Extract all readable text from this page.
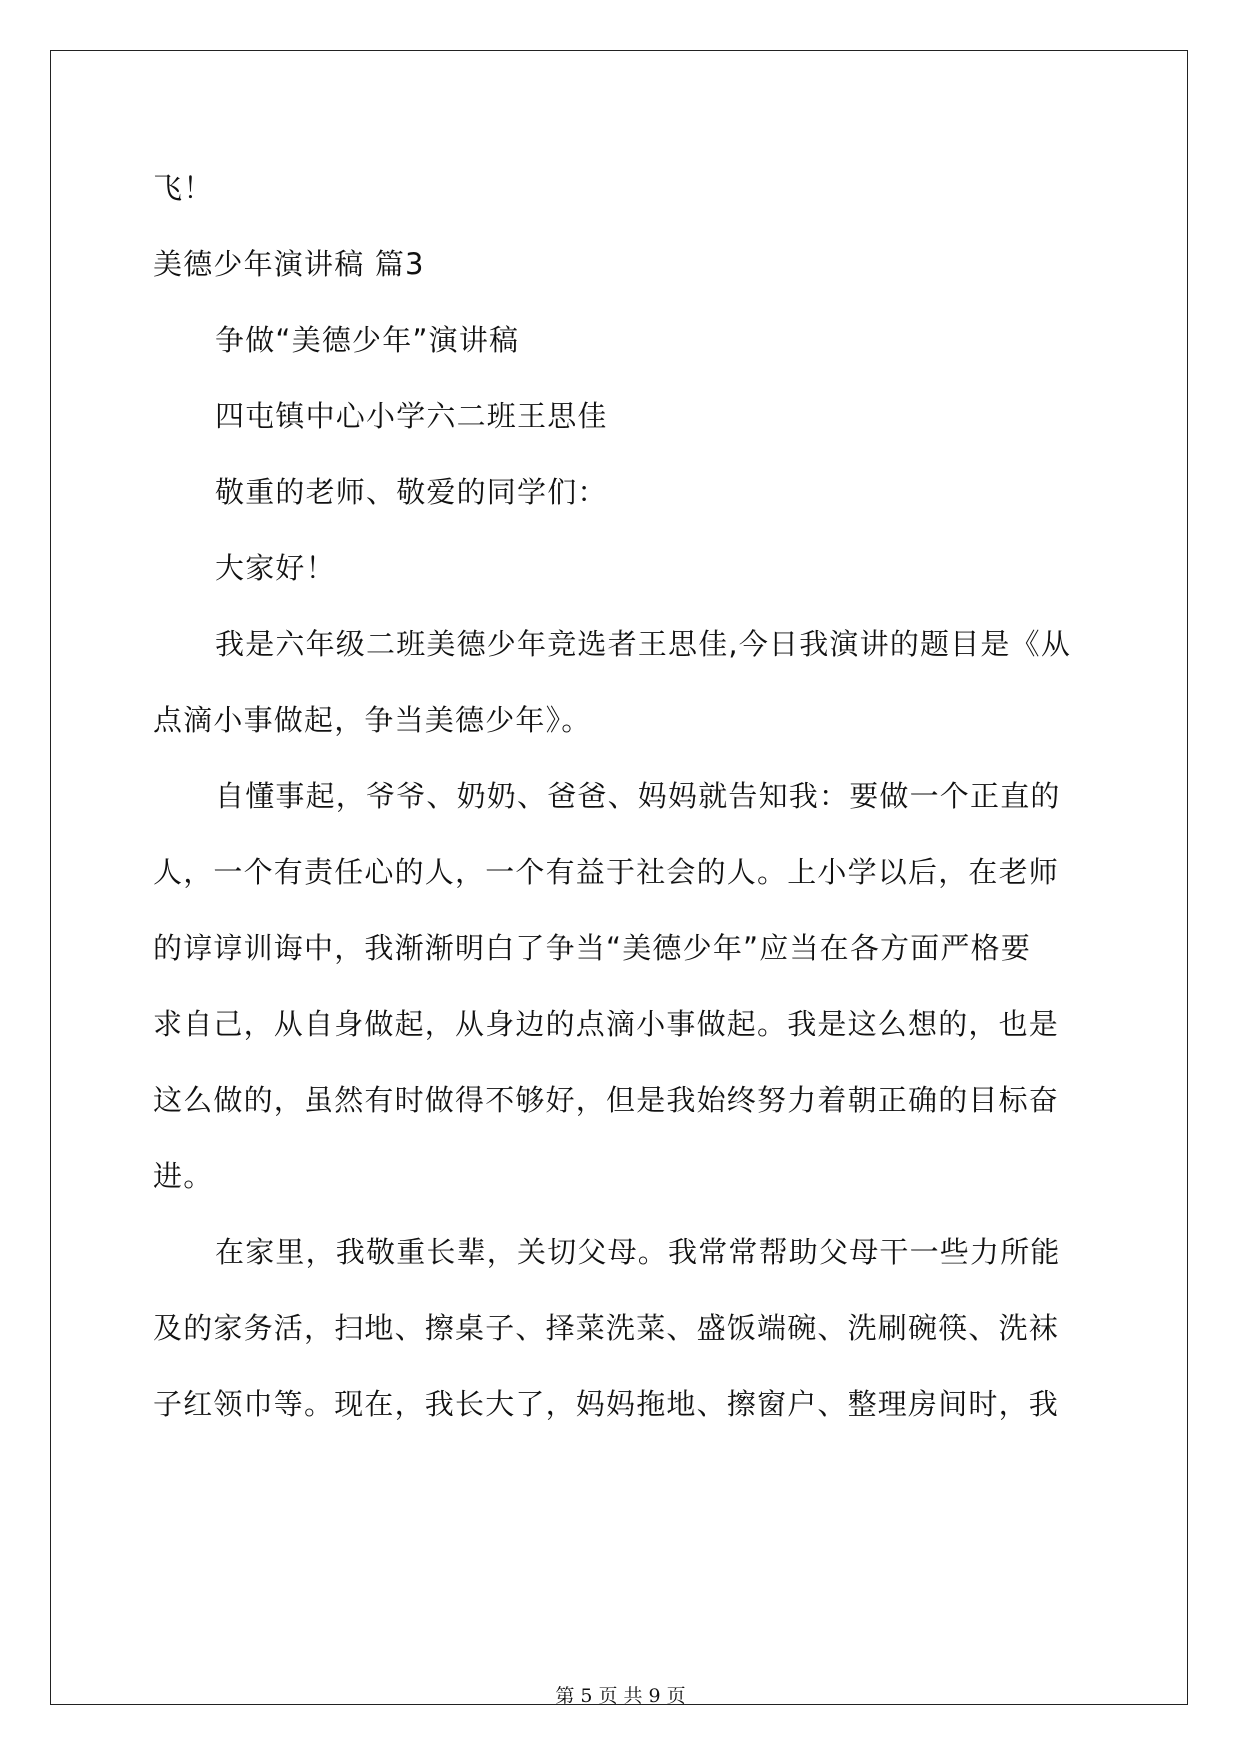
飞！
美德少年演讲稿 篇3
争做“美德少年”演讲稿
四屯镇中心小学六二班王思佳
敬重的老师、敬爱的同学们：
大家好！
我是六年级二班美德少年竞选者王思佳,今日我演讲的题目是《从
点滴小事做起，争当美德少年》。
自懂事起，爷爷、奶奶、爸爸、妈妈就告知我：要做一个正直的
人，一个有责任心的人，一个有益于社会的人。上小学以后，在老师
的谆谆训诲中，我渐渐明白了争当“美德少年”应当在各方面严格要
求自己，从自身做起，从身边的点滴小事做起。我是这么想的，也是
这么做的，虽然有时做得不够好，但是我始终努力着朝正确的目标奋
进。
在家里，我敬重长辈，关切父母。我常常帮助父母干一些力所能
及的家务活，扫地、擦桌子、择菜洗菜、盛饭端碗、洗刷碗筷、洗袜
子红领巾等。现在，我长大了，妈妈拖地、擦窗户、整理房间时，我
第 5 页 共 9 页
